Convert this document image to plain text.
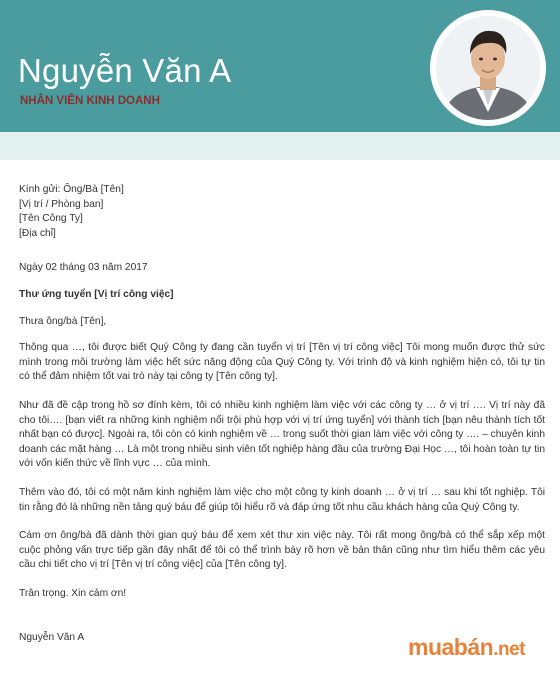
Nguyễn Văn A
NHÂN VIÊN KINH DOANH

Kính gửi: Ông/Bà [Tên]

[Vị trí / Phòng ban]

[Tên Công Ty]

[Địa chỉ]

Ngày 02 tháng 03 năm 2017

Thư ứng tuyển [Vị trí công việc]

Thưa ông/bà [Tên],

Thông qua …, tôi được biết Quý Công ty đang cần tuyển vị trí [Tên vị trí công việc] Tôi mong muốn được thử sức mình trong môi trường làm việc hết sức năng động của Quý Công ty. Với trình độ và kinh nghiệm hiện có, tôi tự tin có thể đảm nhiệm tốt vai trò này tại công ty [Tên công ty].

Như đã đề cập trong hồ sơ đính kèm, tôi có nhiều kinh nghiệm làm việc với các công ty … ở vị trí …. Vị trí này đã cho tôi…. [bạn viết ra những kinh nghiệm nổi trội phù hợp với vị trí ứng tuyển] với thành tích [bạn nêu thành tích tốt nhất bạn có được]. Ngoài ra, tôi còn có kinh nghiệm về … trong suốt thời gian làm việc với công ty …. – chuyên kinh doanh các mặt hàng … Là một trong nhiều sinh viên tốt nghiệp hàng đầu của trường Đại Học …, tôi hoàn toàn tự tin với vốn kiến thức về lĩnh vực … của mình.

Thêm vào đó, tôi có một năm kinh nghiệm làm việc cho một công ty kinh doanh … ở vị trí … sau khi tốt nghiệp. Tôi tin rằng đó là những nền tảng quý báu để giúp tôi hiểu rõ và đáp ứng tốt nhu cầu khách hàng của Quý Công ty.

Cám ơn ông/bà đã dành thời gian quý báu để xem xét thư xin việc này. Tôi rất mong ông/bà có thể sắp xếp một cuộc phỏng vấn trực tiếp gần đây nhất để tôi có thể trình bày rõ hơn về bản thân cũng như tìm hiểu thêm các yêu cầu chi tiết cho vị trí [Tên vị trí công việc] của [Tên công ty].

Trân trọng. Xin cảm ơn!

Nguyễn Văn A	muabán.net
